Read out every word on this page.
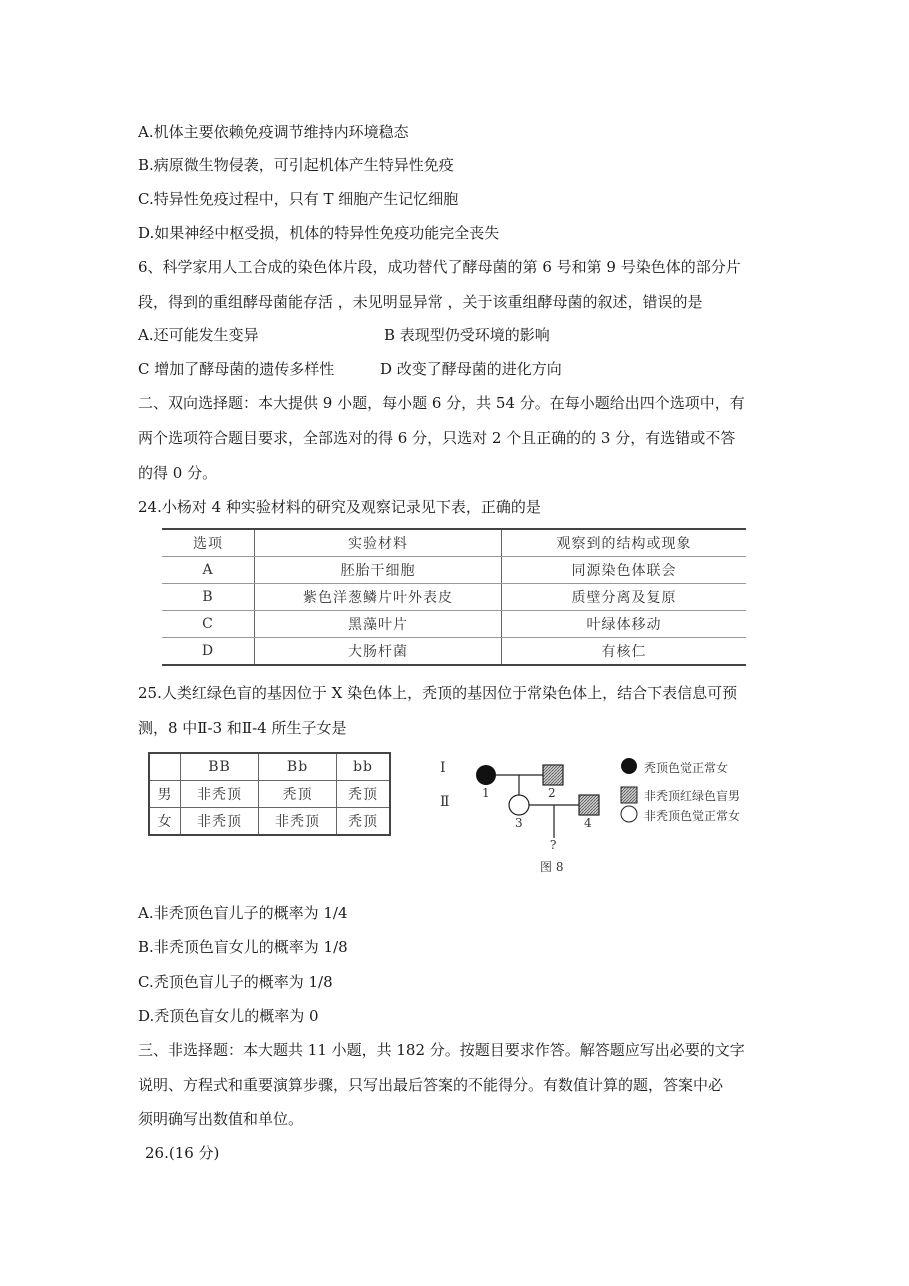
A.机体主要依赖免疫调节维持内环境稳态
B.病原微生物侵袭，可引起机体产生特异性免疫
C.特异性免疫过程中，只有 T 细胞产生记忆细胞
D.如果神经中枢受损，机体的特异性免疫功能完全丧失
6、科学家用人工合成的染色体片段，成功替代了酵母菌的第 6 号和第 9 号染色体的部分片
段，得到的重组酵母菌能存活 ，未见明显异常 ，关于该重组酵母菌的叙述，错误的是
A.还可能发生变异	B 表现型仍受环境的影响
C 增加了酵母菌的遗传多样性	D 改变了酵母菌的进化方向
二、双向选择题：本大提供 9 小题，每小题 6 分，共 54 分。在每小题给出四个选项中，有
两个选项符合题目要求，全部选对的得 6 分，只选对 2 个且正确的的 3 分，有选错或不答
的得 0 分。
24.小杨对 4 种实验材料的研究及观察记录见下表，正确的是
选项	实验材料	观察到的结构或现象
A	胚胎干细胞	同源染色体联会
B	紫色洋葱鳞片叶外表皮	质壁分离及复原
C	黑藻叶片	叶绿体移动
D	大肠杆菌	有核仁
25.人类红绿色盲的基因位于 X 染色体上，秃顶的基因位于常染色体上，结合下表信息可预
测，8 中Ⅱ-3 和Ⅱ-4 所生子女是
	BB	Bb	bb
男	非秃顶	秃顶	秃顶
女	非秃顶	非秃顶	秃顶
Ⅰ
Ⅱ
1	2
3	4
?
图 8
秃顶色觉正常女
非秃顶红绿色盲男
非秃顶色觉正常女
A.非秃顶色盲儿子的概率为 1/4
B.非秃顶色盲女儿的概率为 1/8
C.秃顶色盲儿子的概率为 1/8
D.秃顶色盲女儿的概率为 0
三、非选择题：本大题共 11 小题，共 182 分。按题目要求作答。解答题应写出必要的文字
说明、方程式和重要演算步骤，只写出最后答案的不能得分。有数值计算的题，答案中必
须明确写出数值和单位。
26.(16 分)
